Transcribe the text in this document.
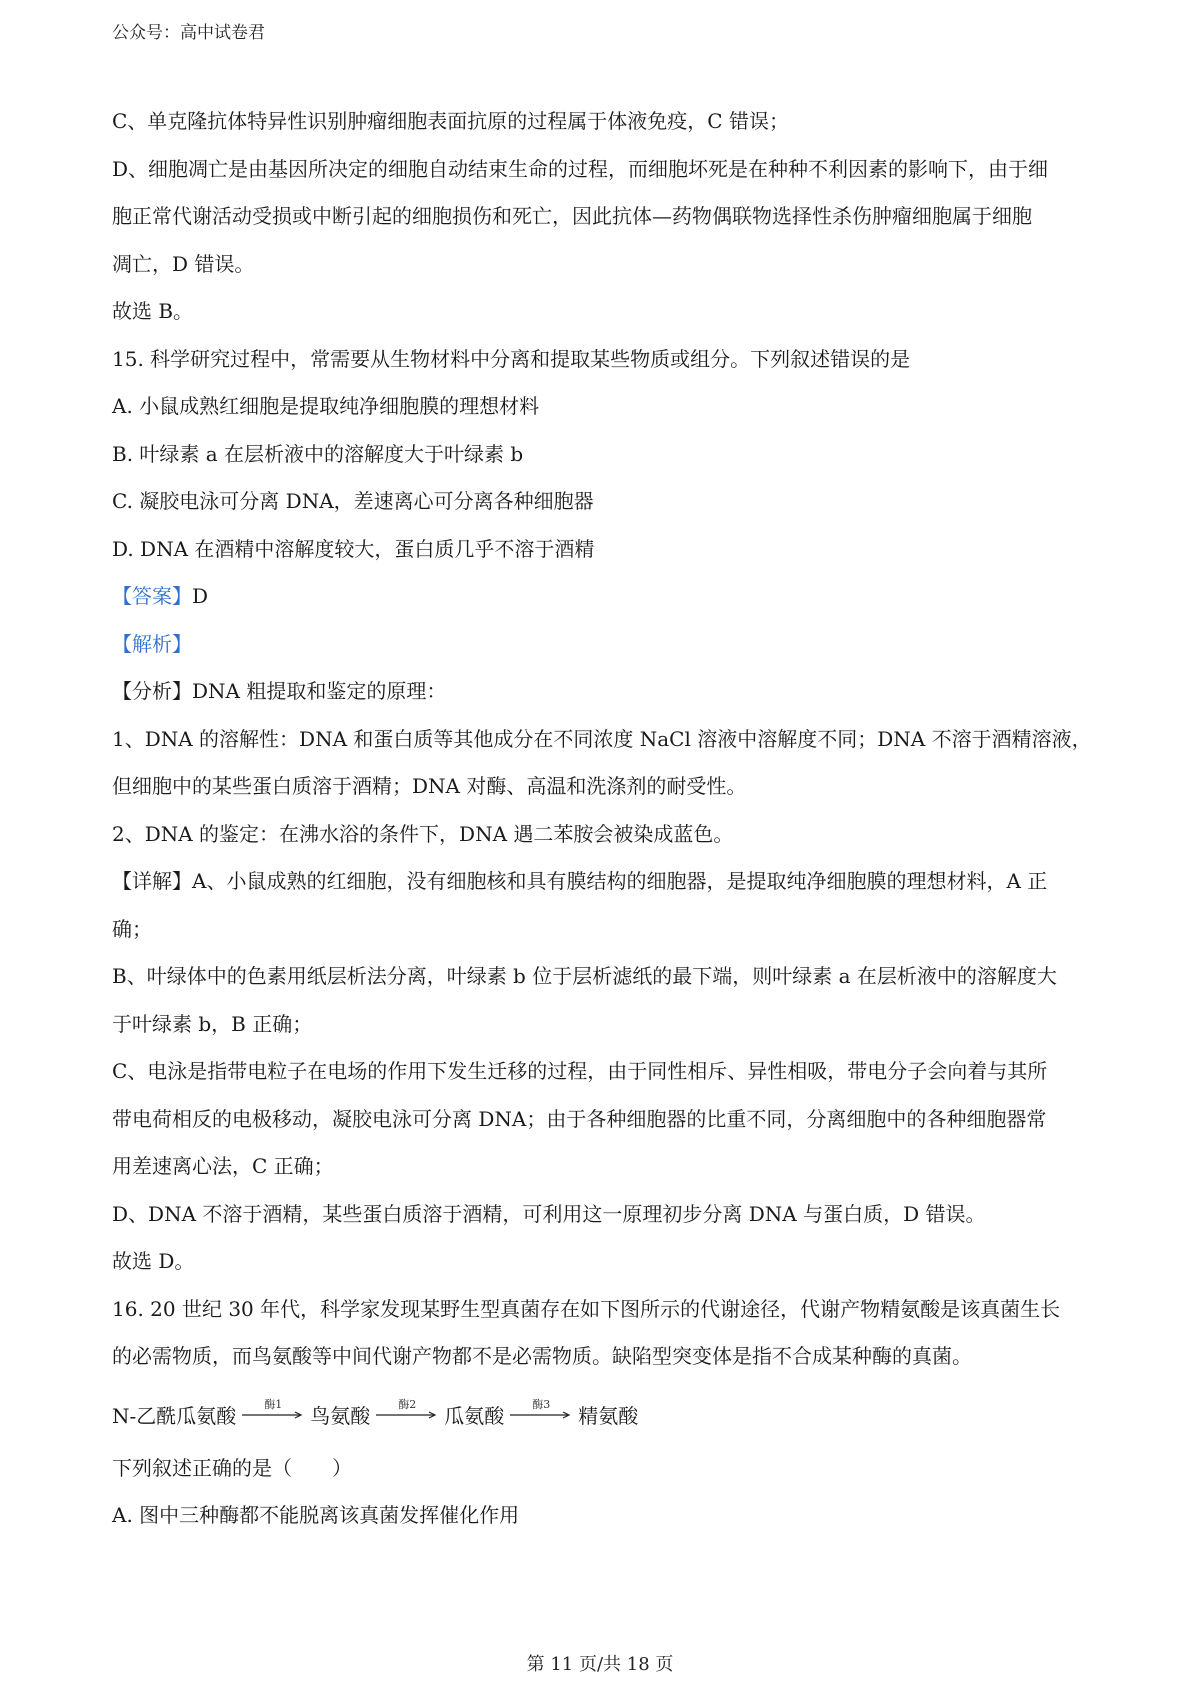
公众号：高中试卷君
C、单克隆抗体特异性识别肿瘤细胞表面抗原的过程属于体液免疫，C 错误；
D、细胞凋亡是由基因所决定的细胞自动结束生命的过程，而细胞坏死是在种种不利因素的影响下，由于细
胞正常代谢活动受损或中断引起的细胞损伤和死亡，因此抗体—药物偶联物选择性杀伤肿瘤细胞属于细胞
凋亡，D 错误。
故选 B。
15. 科学研究过程中，常需要从生物材料中分离和提取某些物质或组分。下列叙述错误的是
A. 小鼠成熟红细胞是提取纯净细胞膜的理想材料
B. 叶绿素 a 在层析液中的溶解度大于叶绿素 b
C. 凝胶电泳可分离 DNA，差速离心可分离各种细胞器
D. DNA 在酒精中溶解度较大，蛋白质几乎不溶于酒精
【答案】D
【解析】
【分析】DNA 粗提取和鉴定的原理：
1、DNA 的溶解性：DNA 和蛋白质等其他成分在不同浓度 NaCl 溶液中溶解度不同；DNA 不溶于酒精溶液，
但细胞中的某些蛋白质溶于酒精；DNA 对酶、高温和洗涤剂的耐受性。
2、DNA 的鉴定：在沸水浴的条件下，DNA 遇二苯胺会被染成蓝色。
【详解】A、小鼠成熟的红细胞，没有细胞核和具有膜结构的细胞器，是提取纯净细胞膜的理想材料，A 正
确；
B、叶绿体中的色素用纸层析法分离，叶绿素 b 位于层析滤纸的最下端，则叶绿素 a 在层析液中的溶解度大
于叶绿素 b，B 正确；
C、电泳是指带电粒子在电场的作用下发生迁移的过程，由于同性相斥、异性相吸，带电分子会向着与其所
带电荷相反的电极移动，凝胶电泳可分离 DNA；由于各种细胞器的比重不同，分离细胞中的各种细胞器常
用差速离心法，C 正确；
D、DNA 不溶于酒精，某些蛋白质溶于酒精，可利用这一原理初步分离 DNA 与蛋白质，D 错误。
故选 D。
16. 20 世纪 30 年代，科学家发现某野生型真菌存在如下图所示的代谢途径，代谢产物精氨酸是该真菌生长
的必需物质，而鸟氨酸等中间代谢产物都不是必需物质。缺陷型突变体是指不合成某种酶的真菌。
N-乙酰瓜氨酸	酶1 鸟氨酸	酶2 瓜氨酸	酶3 精氨酸
下列叙述正确的是（　　）
A. 图中三种酶都不能脱离该真菌发挥催化作用
第 11 页/共 18 页
